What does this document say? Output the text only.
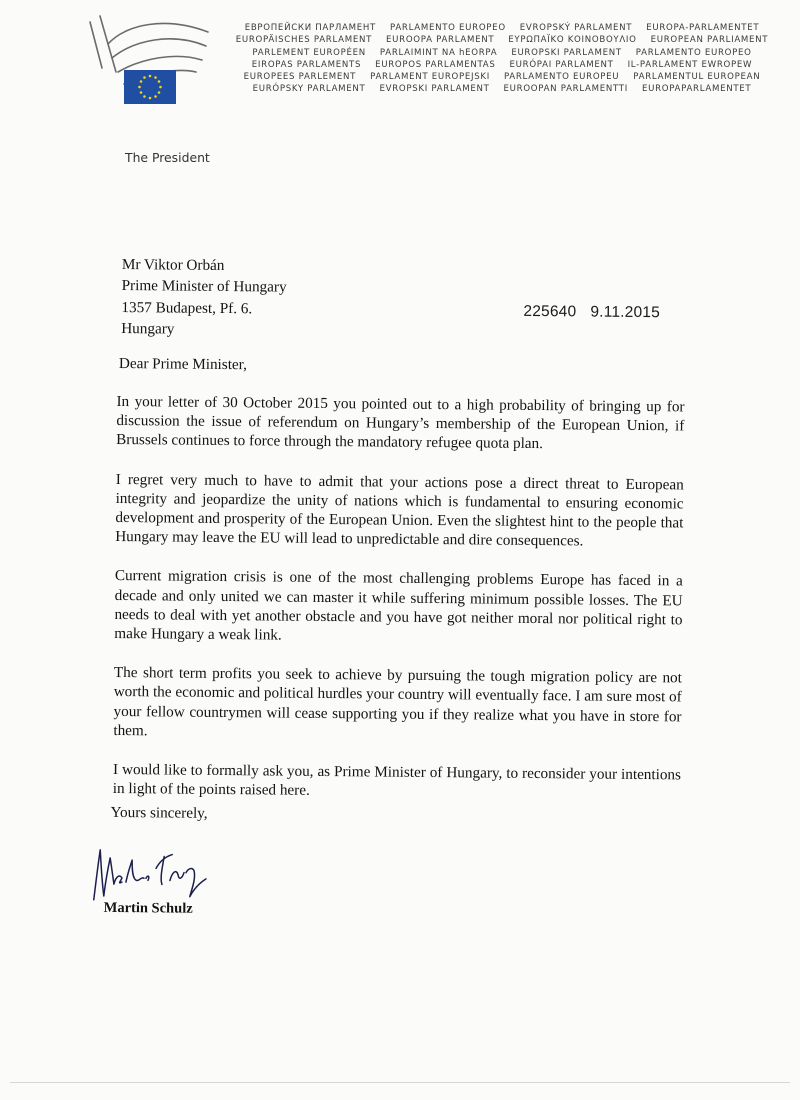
ЕВРОПЕЙСКИ ПАРЛАМЕНТ PARLAMENTO EUROPEO EVROPSKÝ PARLAMENT EUROPA-PARLAMENTET
EUROPÄISCHES PARLAMENT EUROOPA PARLAMENT ΕΥΡΩΠΑΪΚΟ ΚΟΙΝΟΒΟΥΛΙΟ EUROPEAN PARLIAMENT
PARLEMENT EUROPÉEN PARLAIMINT NA hEORPA EUROPSKI PARLAMENT PARLAMENTO EUROPEO
EIROPAS PARLAMENTS EUROPOS PARLAMENTAS EURÓPAI PARLAMENT IL-PARLAMENT EWROPEW
EUROPEES PARLEMENT PARLAMENT EUROPEJSKI PARLAMENTO EUROPEU PARLAMENTUL EUROPEAN
EURÓPSKY PARLAMENT EVROPSKI PARLAMENT EUROOPAN PARLAMENTTI EUROPAPARLAMENTET
The President
Mr Viktor Orbán
Prime Minister of Hungary
1357 Budapest, Pf. 6.
Hungary
225640 9.11.2015
Dear Prime Minister,

In your letter of 30 October 2015 you pointed out to a high probability of bringing up for discussion the issue of referendum on Hungary’s membership of the European Union, if Brussels continues to force through the mandatory refugee quota plan.

I regret very much to have to admit that your actions pose a direct threat to European integrity and jeopardize the unity of nations which is fundamental to ensuring economic development and prosperity of the European Union. Even the slightest hint to the people that Hungary may leave the EU will lead to unpredictable and dire consequences.

Current migration crisis is one of the most challenging problems Europe has faced in a decade and only united we can master it while suffering minimum possible losses. The EU needs to deal with yet another obstacle and you have got neither moral nor political right to make Hungary a weak link.

The short term profits you seek to achieve by pursuing the tough migration policy are not worth the economic and political hurdles your country will eventually face. I am sure most of your fellow countrymen will cease supporting you if they realize what you have in store for them.

I would like to formally ask you, as Prime Minister of Hungary, to reconsider your intentions in light of the points raised here.

Yours sincerely,
Martin Schulz
